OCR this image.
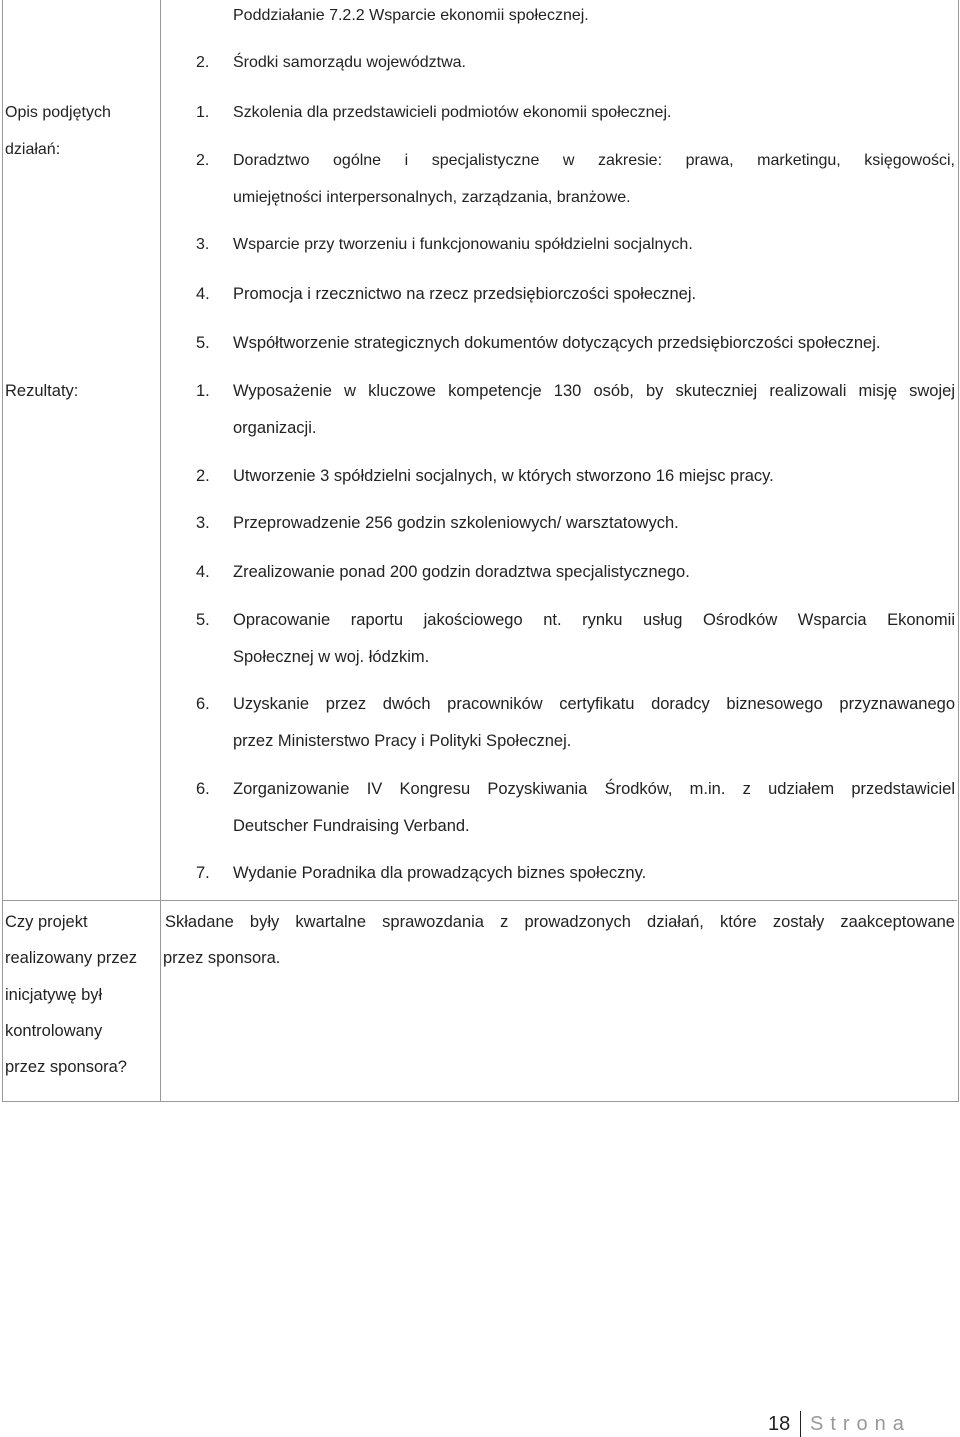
Poddziałanie 7.2.2 Wsparcie ekonomii społecznej.
2. Środki samorządu województwa.
Opis podjętych
działań:
1. Szkolenia dla przedstawicieli podmiotów ekonomii społecznej.
2. Doradztwo ogólne i specjalistyczne w zakresie: prawa, marketingu, księgowości,
umiejętności interpersonalnych, zarządzania, branżowe.
3. Wsparcie przy tworzeniu i funkcjonowaniu spółdzielni socjalnych.
4. Promocja i rzecznictwo na rzecz przedsiębiorczości społecznej.
5. Współtworzenie strategicznych dokumentów dotyczących przedsiębiorczości społecznej.
Rezultaty:	1. Wyposażenie w kluczowe kompetencje 130 osób, by skuteczniej realizowali misję swojej
organizacji.
2. Utworzenie 3 spółdzielni socjalnych, w których stworzono 16 miejsc pracy.
3. Przeprowadzenie 256 godzin szkoleniowych/ warsztatowych.
4. Zrealizowanie ponad 200 godzin doradztwa specjalistycznego.
5. Opracowanie raportu jakościowego nt. rynku usług Ośrodków Wsparcia Ekonomii
Społecznej w woj. łódzkim.
6. Uzyskanie przez dwóch pracowników certyfikatu doradcy biznesowego przyznawanego
przez Ministerstwo Pracy i Polityki Społecznej.
6. Zorganizowanie IV Kongresu Pozyskiwania Środków, m.in. z udziałem przedstawiciel
Deutscher Fundraising Verband.
7. Wydanie Poradnika dla prowadzących biznes społeczny.
Czy projekt
realizowany przez
inicjatywę był
kontrolowany
przez sponsora?
Składane były kwartalne sprawozdania z prowadzonych działań, które zostały zaakceptowane
przez sponsora.
18 Strona
